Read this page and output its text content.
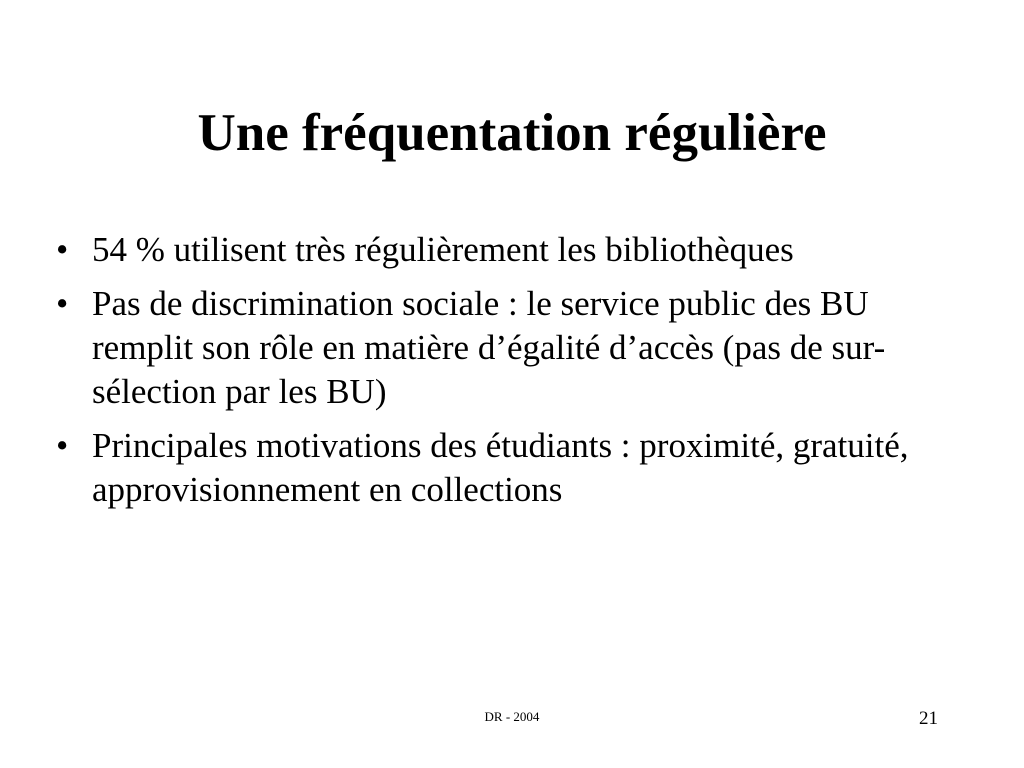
Une fréquentation régulière
• 54 % utilisent très régulièrement les bibliothèques
• Pas de discrimination sociale : le service public des BU remplit son rôle en matière d’égalité d’accès (pas de sur-sélection par les BU)
• Principales motivations des étudiants : proximité, gratuité, approvisionnement en collections
DR - 2004	21
